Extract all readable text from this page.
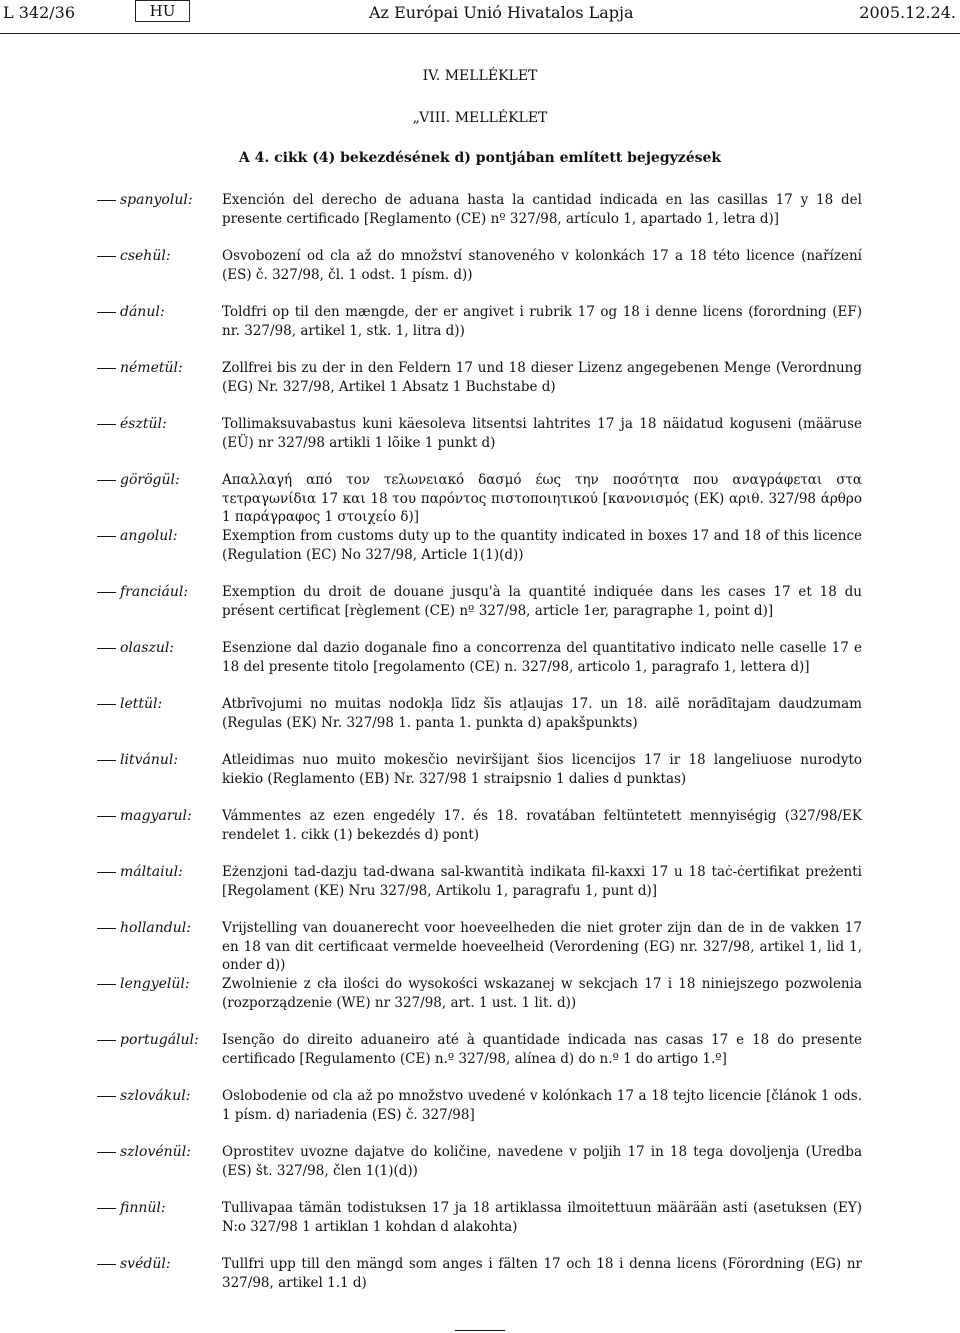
L 342/36	HU	Az Európai Unió Hivatalos Lapja	2005.12.24.
IV. MELLÉKLET
„VIII. MELLÉKLET
A 4. cikk (4) bekezdésének d) pontjában említett bejegyzések
spanyolul: Exención del derecho de aduana hasta la cantidad indicada en las casillas 17 y 18 del presente certificado [Reglamento (CE) nº 327/98, artículo 1, apartado 1, letra d)]
csehül:	Osvobození od cla až do množství stanoveného v kolonkách 17 a 18 této licence (nařízení (ES) č. 327/98, čl. 1 odst. 1 písm. d))
dánul:	Toldfri op til den mængde, der er angivet i rubrik 17 og 18 i denne licens (forordning (EF) nr. 327/98, artikel 1, stk. 1, litra d))
németül:	Zollfrei bis zu der in den Feldern 17 und 18 dieser Lizenz angegebenen Menge (Verordnung (EG) Nr. 327/98, Artikel 1 Absatz 1 Buchstabe d)
észtül:	Tollimaksuvabastus kuni käesoleva litsentsi lahtrites 17 ja 18 näidatud koguseni (määruse (EÜ) nr 327/98 artikli 1 lõike 1 punkt d)
görögül:	Απαλλαγή από τον τελωνειακό δασμό έως την ποσότητα που αναγράφεται στα τετραγωνίδια 17 και 18 του παρόντος πιστοποιητικού [κανονισμός (ΕΚ) αριθ. 327/98 άρθρο 1 παράγραφος 1 στοιχείο δ)]
angolul:	Exemption from customs duty up to the quantity indicated in boxes 17 and 18 of this licence (Regulation (EC) No 327/98, Article 1(1)(d))
franciául:	Exemption du droit de douane jusqu'à la quantité indiquée dans les cases 17 et 18 du présent certificat [règlement (CE) nº 327/98, article 1er, paragraphe 1, point d)]
olaszul:	Esenzione dal dazio doganale fino a concorrenza del quantitativo indicato nelle caselle 17 e 18 del presente titolo [regolamento (CE) n. 327/98, articolo 1, paragrafo 1, lettera d)]
lettül:	Atbrīvojumi no muitas nodokļa līdz šīs atļaujas 17. un 18. ailē norādītajam daudzumam (Regulas (EK) Nr. 327/98 1. panta 1. punkta d) apakšpunkts)
litvánul:	Atleidimas nuo muito mokesčio neviršijant šios licencijos 17 ir 18 langeliuose nurodyto kiekio (Reglamento (EB) Nr. 327/98 1 straipsnio 1 dalies d punktas)
magyarul: Vámmentes az ezen engedély 17. és 18. rovatában feltüntetett mennyiségig (327/98/EK rendelet 1. cikk (1) bekezdés d) pont)
máltaiul:	Eżenzjoni tad-dazju tad-dwana sal-kwantità indikata fil-kaxxi 17 u 18 taċ-ċertifikat preżenti [Regolament (KE) Nru 327/98, Artikolu 1, paragrafu 1, punt d)]
hollandul: Vrijstelling van douanerecht voor hoeveelheden die niet groter zijn dan de in de vakken 17 en 18 van dit certificaat vermelde hoeveelheid (Verordening (EG) nr. 327/98, artikel 1, lid 1, onder d))
lengyelül: Zwolnienie z cła ilości do wysokości wskazanej w sekcjach 17 i 18 niniejszego pozwolenia (rozporządzenie (WE) nr 327/98, art. 1 ust. 1 lit. d))
portugálul: Isenção do direito aduaneiro até à quantidade indicada nas casas 17 e 18 do presente certificado [Regulamento (CE) n.º 327/98, alínea d) do n.º 1 do artigo 1.º]
szlovákul: Oslobodenie od cla až po množstvo uvedené v kolónkach 17 a 18 tejto licencie [článok 1 ods. 1 písm. d) nariadenia (ES) č. 327/98]
szlovénül: Oprostitev uvozne dajatve do količine, navedene v poljih 17 in 18 tega dovoljenja (Uredba (ES) št. 327/98, člen 1(1)(d))
finnül:	Tullivapaa tämän todistuksen 17 ja 18 artiklassa ilmoitettuun määrään asti (asetuksen (EY) N:o 327/98 1 artiklan 1 kohdan d alakohta)
svédül:	Tullfri upp till den mängd som anges i fälten 17 och 18 i denna licens (Förordning (EG) nr 327/98, artikel 1.1 d)
